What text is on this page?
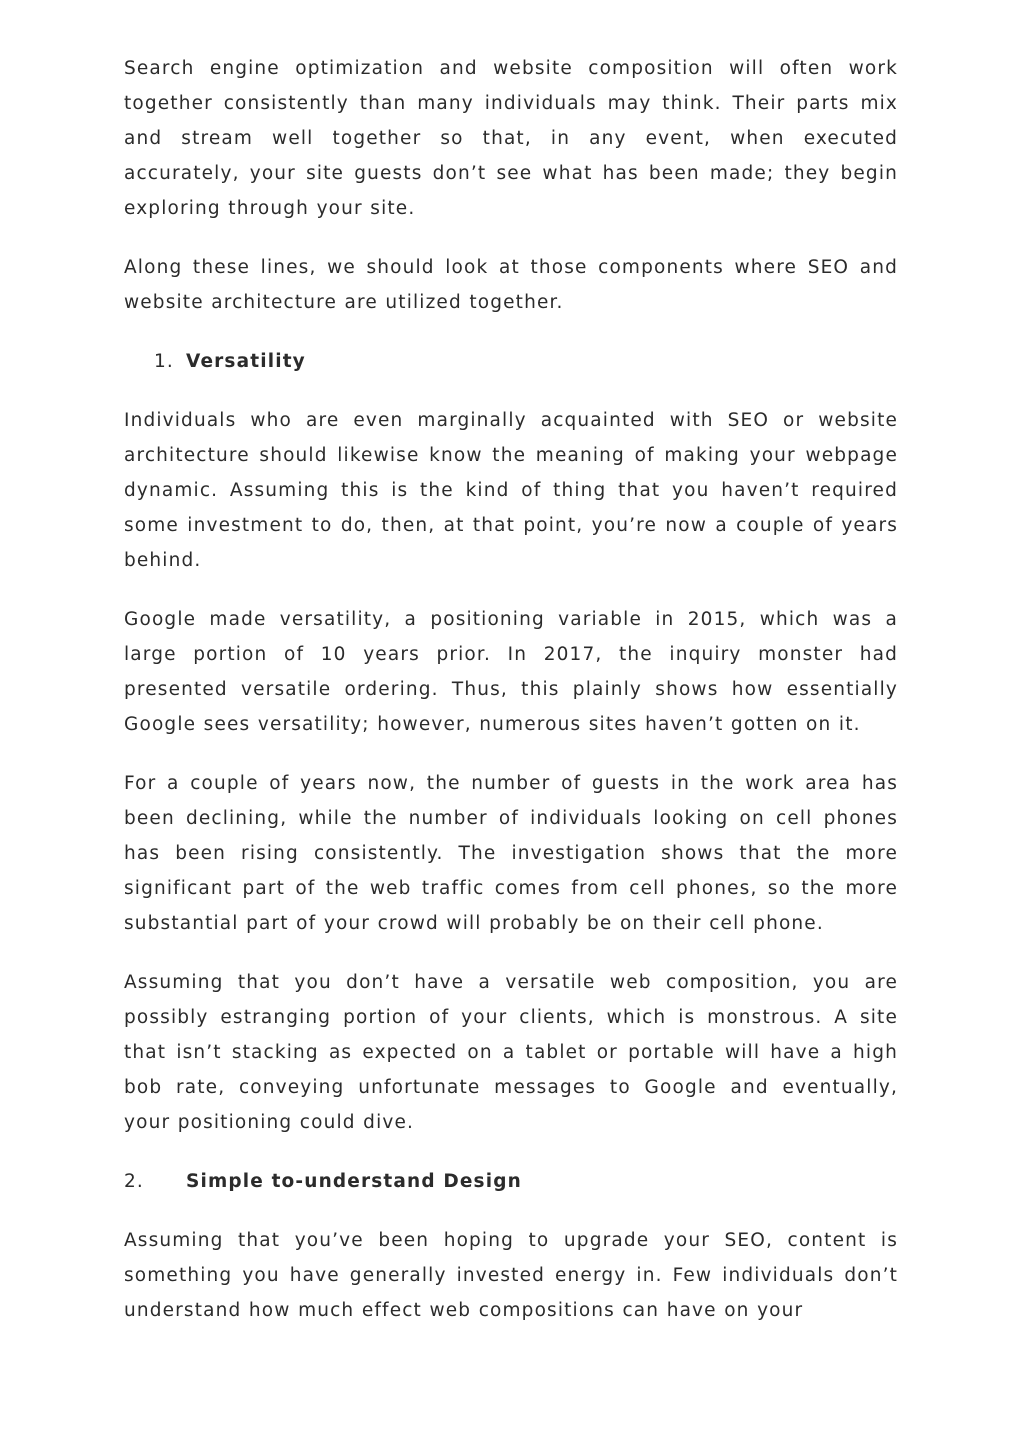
Search engine optimization and website composition will often work together consistently than many individuals may think. Their parts mix and stream well together so that, in any event, when executed accurately, your site guests don’t see what has been made; they begin exploring through your site.

Along these lines, we should look at those components where SEO and website architecture are utilized together.

1. Versatility

Individuals who are even marginally acquainted with SEO or website architecture should likewise know the meaning of making your webpage dynamic. Assuming this is the kind of thing that you haven’t required some investment to do, then, at that point, you’re now a couple of years behind.

Google made versatility, a positioning variable in 2015, which was a large portion of 10 years prior. In 2017, the inquiry monster had presented versatile ordering. Thus, this plainly shows how essentially Google sees versatility; however, numerous sites haven’t gotten on it.

For a couple of years now, the number of guests in the work area has been declining, while the number of individuals looking on cell phones has been rising consistently. The investigation shows that the more significant part of the web traffic comes from cell phones, so the more substantial part of your crowd will probably be on their cell phone.

Assuming that you don’t have a versatile web composition, you are possibly estranging portion of your clients, which is monstrous. A site that isn’t stacking as expected on a tablet or portable will have a high bob rate, conveying unfortunate messages to Google and eventually, your positioning could dive.

2.	Simple to-understand Design

Assuming that you’ve been hoping to upgrade your SEO, content is something you have generally invested energy in. Few individuals don’t understand how much effect web compositions can have on your
